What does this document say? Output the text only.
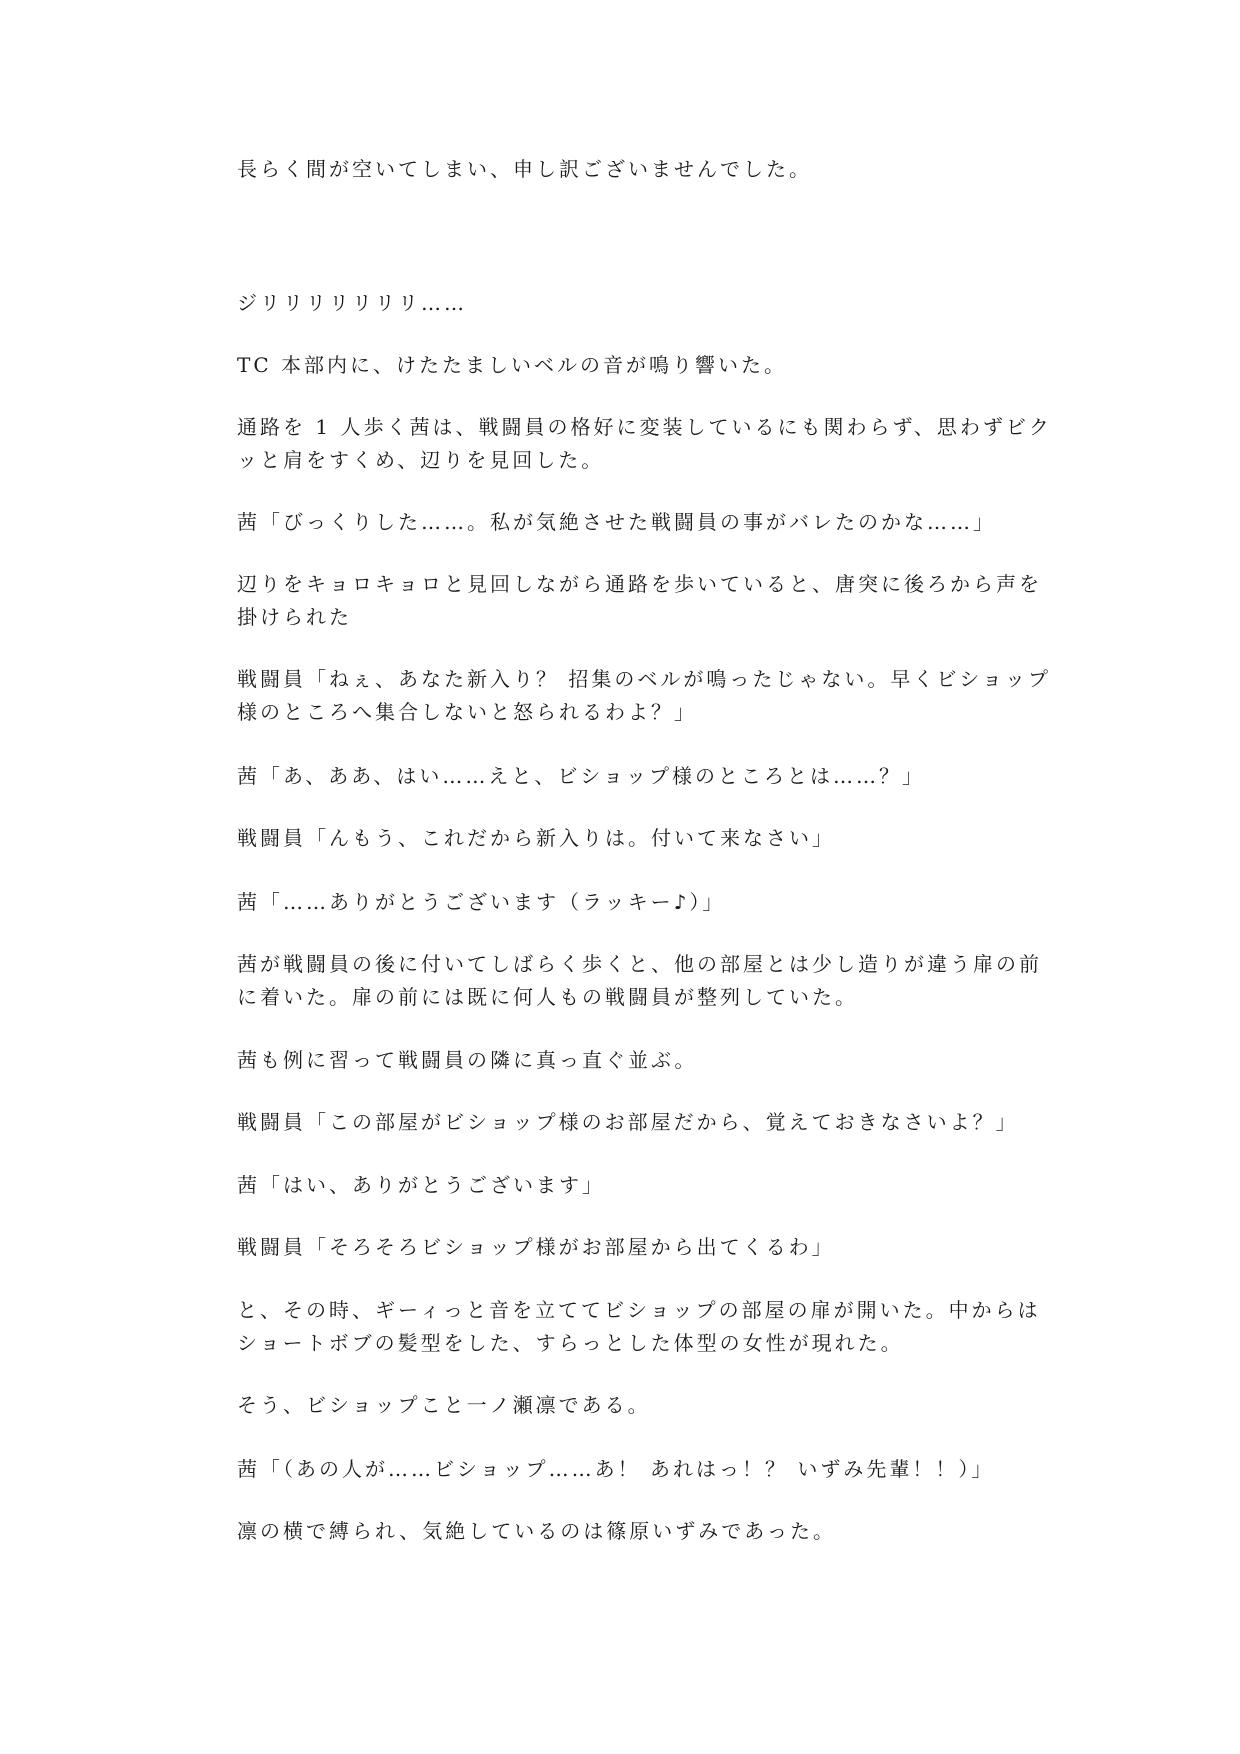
長らく間が空いてしまい、申し訳ございませんでした。
ジリリリリリリリ……
TC 本部内に、けたたましいベルの音が鳴り響いた。
通路を 1 人歩く茜は、戦闘員の格好に変装しているにも関わらず、思わずビク
ッと肩をすくめ、辺りを見回した。
茜「びっくりした……。私が気絶させた戦闘員の事がバレたのかな……」
辺りをキョロキョロと見回しながら通路を歩いていると、唐突に後ろから声を
掛けられた
戦闘員「ねぇ、あなた新入り？ 招集のベルが鳴ったじゃない。早くビショップ
様のところへ集合しないと怒られるわよ？」
茜「あ、ああ、はい……えと、ビショップ様のところとは……？」
戦闘員「んもう、これだから新入りは。付いて来なさい」
茜「……ありがとうございます（ラッキー♪）」
茜が戦闘員の後に付いてしばらく歩くと、他の部屋とは少し造りが違う扉の前
に着いた。扉の前には既に何人もの戦闘員が整列していた。
茜も例に習って戦闘員の隣に真っ直ぐ並ぶ。
戦闘員「この部屋がビショップ様のお部屋だから、覚えておきなさいよ？」
茜「はい、ありがとうございます」
戦闘員「そろそろビショップ様がお部屋から出てくるわ」
と、その時、ギーィっと音を立ててビショップの部屋の扉が開いた。中からは
ショートボブの髪型をした、すらっとした体型の女性が現れた。
そう、ビショップこと一ノ瀬凛である。
茜「（あの人が……ビショップ……あ！ あれはっ！？ いずみ先輩！！）」
凛の横で縛られ、気絶しているのは篠原いずみであった。
